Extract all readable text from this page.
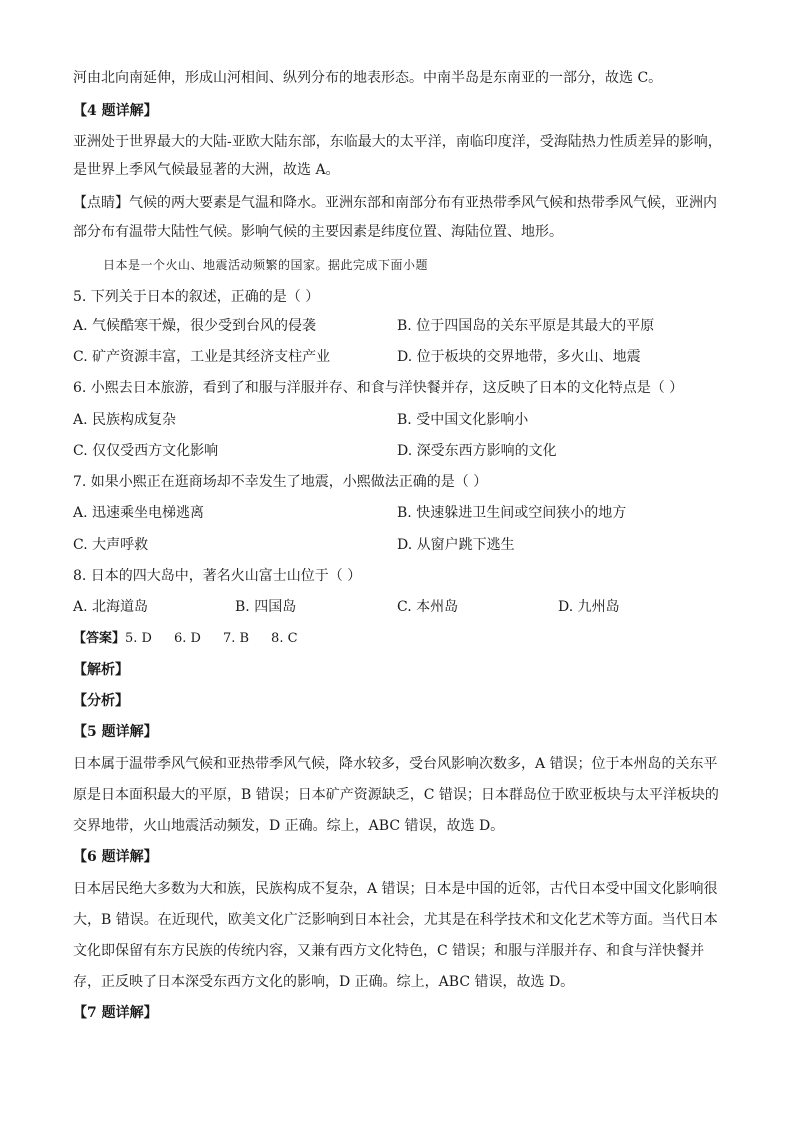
河由北向南延伸，形成山河相间、纵列分布的地表形态。中南半岛是东南亚的一部分，故选 C。
【4 题详解】
亚洲处于世界最大的大陆-亚欧大陆东部，东临最大的太平洋，南临印度洋，受海陆热力性质差异的影响，
是世界上季风气候最显著的大洲，故选 A。
【点睛】气候的两大要素是气温和降水。亚洲东部和南部分布有亚热带季风气候和热带季风气候，亚洲内
部分布有温带大陆性气候。影响气候的主要因素是纬度位置、海陆位置、地形。
日本是一个火山、地震活动频繁的国家。据此完成下面小题
5. 下列关于日本的叙述，正确的是（ ）
A. 气候酷寒干燥，很少受到台风的侵袭	B. 位于四国岛的关东平原是其最大的平原
C. 矿产资源丰富，工业是其经济支柱产业	D. 位于板块的交界地带，多火山、地震
6. 小熙去日本旅游，看到了和服与洋服并存、和食与洋快餐并存，这反映了日本的文化特点是（ ）
A. 民族构成复杂	B. 受中国文化影响小
C. 仅仅受西方文化影响	D. 深受东西方影响的文化
7. 如果小熙正在逛商场却不幸发生了地震，小熙做法正确的是（ ）
A. 迅速乘坐电梯逃离	B. 快速躲进卫生间或空间狭小的地方
C. 大声呼救	D. 从窗户跳下逃生
8. 日本的四大岛中，著名火山富士山位于（ ）
A. 北海道岛	B. 四国岛	C. 本州岛	D. 九州岛
【答案】5. D 6. D 7. B 8. C
【解析】
【分析】
【5 题详解】
日本属于温带季风气候和亚热带季风气候，降水较多，受台风影响次数多，A 错误；位于本州岛的关东平
原是日本面积最大的平原，B 错误；日本矿产资源缺乏，C 错误；日本群岛位于欧亚板块与太平洋板块的
交界地带，火山地震活动频发，D 正确。综上，ABC 错误，故选 D。
【6 题详解】
日本居民绝大多数为大和族，民族构成不复杂，A 错误；日本是中国的近邻，古代日本受中国文化影响很
大，B 错误。在近现代，欧美文化广泛影响到日本社会，尤其是在科学技术和文化艺术等方面。当代日本
文化即保留有东方民族的传统内容，又兼有西方文化特色，C 错误；和服与洋服并存、和食与洋快餐并
存，正反映了日本深受东西方文化的影响，D 正确。综上，ABC 错误，故选 D。
【7 题详解】
